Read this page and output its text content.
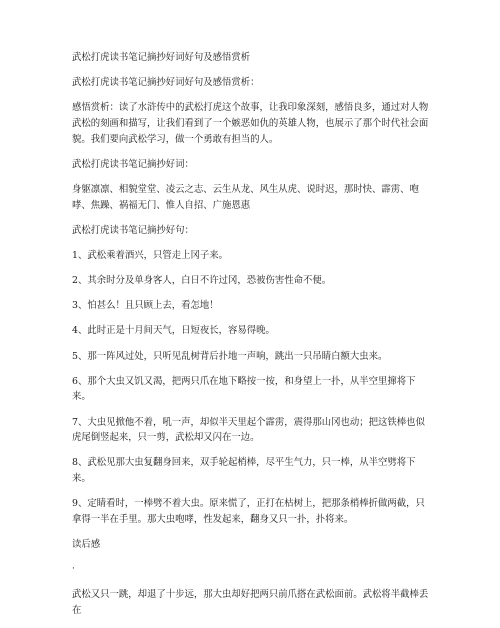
武松打虎读书笔记摘抄好词好句及感悟赏析

武松打虎读书笔记摘抄好词好句及感悟赏析：

感悟赏析：读了水浒传中的武松打虎这个故事，让我印象深刻，感悟良多，通过对人物武松的刻画和描写，让我们看到了一个嫉恶如仇的英雄人物，也展示了那个时代社会面貌。我们要向武松学习，做一个勇敢有担当的人。

武松打虎读书笔记摘抄好词：

身躯凛凛、相貌堂堂、凌云之志、云生从龙、风生从虎、说时迟，那时快、霹雳、咆哮、焦躁、祸福无门、惟人自招、广施恩惠

武松打虎读书笔记摘抄好句：

1、武松乘着酒兴，只管走上冈子来。

2、其余时分及单身客人，白日不许过冈，恐被伤害性命不便。

3、怕甚么！且只顾上去，看怎地！

4、此时正是十月间天气，日短夜长，容易得晚。

5、那一阵风过处，只听见乱树背后扑地一声响，跳出一只吊睛白额大虫来。

6、那个大虫又饥又渴，把两只爪在地下略按一按，和身望上一扑，从半空里撺将下来。

7、大虫见掀他不着，吼一声，却似半天里起个霹雳，震得那山冈也动；把这铁棒也似虎尾倒竖起来，只一剪，武松却又闪在一边。

8、武松见那大虫复翻身回来，双手轮起梢棒，尽平生气力，只一棒，从半空劈将下来。

9、定睛看时，一棒劈不着大虫。原来慌了，正打在枯树上，把那条梢棒折做两截，只拿得一半在手里。那大虫咆哮，性发起来，翻身又只一扑，扑将来。

读后感

·

武松又只一跳，却退了十步远，那大虫却好把两只前爪搭在武松面前。武松将半截棒丢在
